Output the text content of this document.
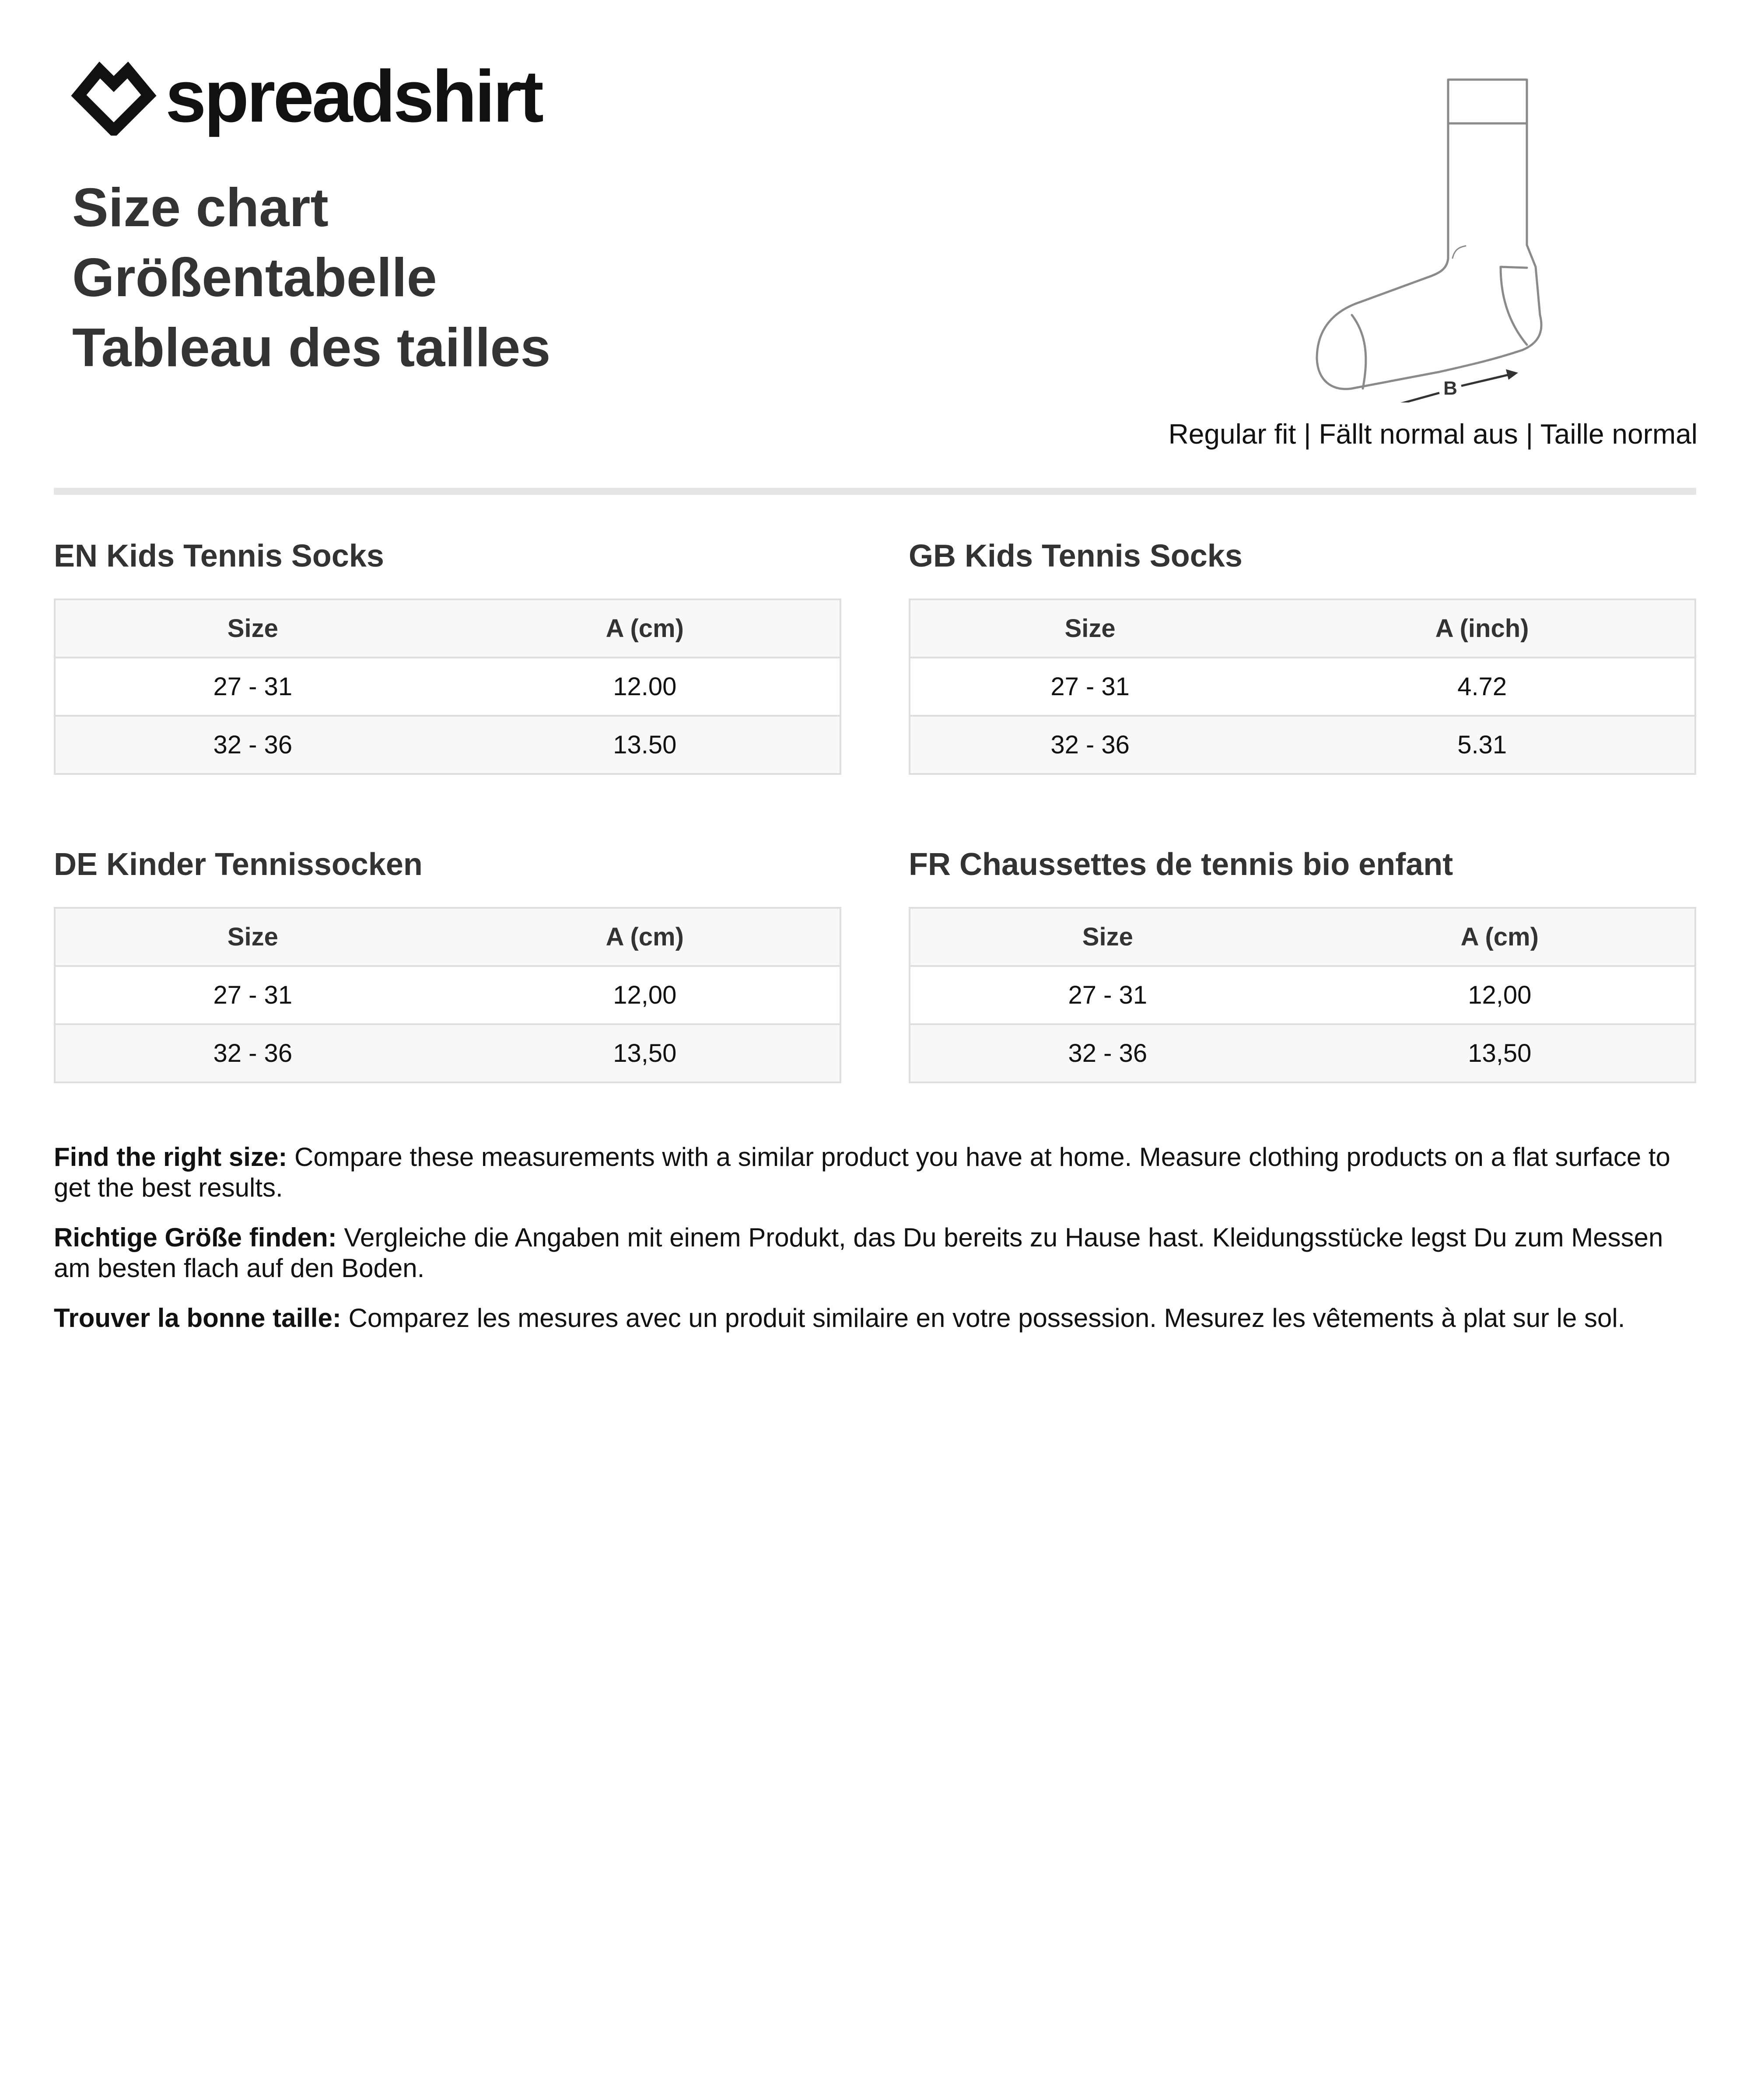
spreadshirt
Size chart
Größentabelle
Tableau des tailles
B
Regular fit | Fällt normal aus | Taille normal
EN Kids Tennis Socks
Size	A (cm)
27 - 31	12.00
32 - 36	13.50
GB Kids Tennis Socks
Size	A (inch)
27 - 31	4.72
32 - 36	5.31
DE Kinder Tennissocken
Size	A (cm)
27 - 31	12,00
32 - 36	13,50
FR Chaussettes de tennis bio enfant
Size	A (cm)
27 - 31	12,00
32 - 36	13,50

Find the right size: Compare these measurements with a similar product you have at home. Measure clothing products on a flat surface to get the best results.

Richtige Größe finden: Vergleiche die Angaben mit einem Produkt, das Du bereits zu Hause hast. Kleidungsstücke legst Du zum Messen am besten flach auf den Boden.

Trouver la bonne taille: Comparez les mesures avec un produit similaire en votre possession. Mesurez les vêtements à plat sur le sol.
